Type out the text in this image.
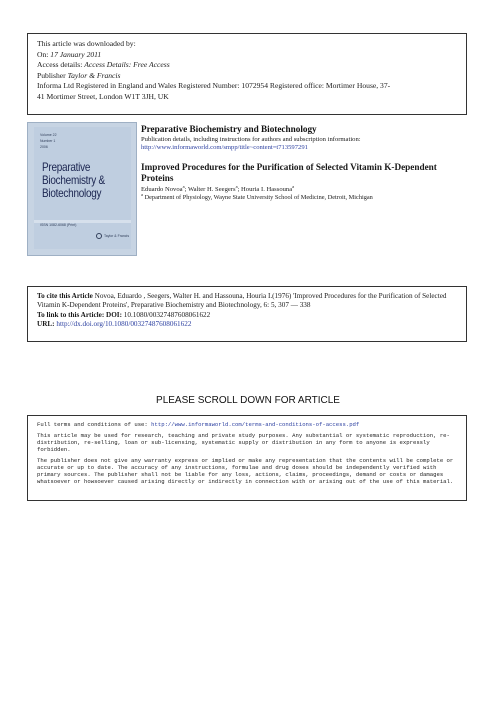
This article was downloaded by:
On: 17 January 2011
Access details: Access Details: Free Access
Publisher Taylor & Francis
Informa Ltd Registered in England and Wales Registered Number: 1072954 Registered office: Mortimer House, 37-
41 Mortimer Street, London W1T 3JH, UK
Volume 22
Number 1
2006
Preparative Biochemistry & Biotechnology
ISSN 1082-6068 (Print)
Taylor & Francis
Preparative Biochemistry and Biotechnology
Publication details, including instructions for authors and subscription information:
http://www.informaworld.com/smpp/title~content=t713597291
Improved Procedures for the Purification of Selected Vitamin K-Dependent Proteins
Eduardo Novoa$^a$; Walter H. Seegers$^a$; Houria I. Hassouna$^a$
$^a$ Department of Physiology, Wayne State University School of Medicine, Detroit, Michigan
To cite this Article Novoa, Eduardo , Seegers, Walter H. and Hassouna, Houria I.(1976) 'Improved Procedures for the Purification of Selected Vitamin K-Dependent Proteins', Preparative Biochemistry and Biotechnology, 6: 5, 307 — 338
To link to this Article: DOI: 10.1080/00327487608061622
URL: http://dx.doi.org/10.1080/00327487608061622
PLEASE SCROLL DOWN FOR ARTICLE

Full terms and conditions of use: http://www.informaworld.com/terms-and-conditions-of-access.pdf

This article may be used for research, teaching and private study purposes. Any substantial or systematic reproduction, re-distribution, re-selling, loan or sub-licensing, systematic supply or distribution in any form to anyone is expressly forbidden.

The publisher does not give any warranty express or implied or make any representation that the contents will be complete or accurate or up to date. The accuracy of any instructions, formulae and drug doses should be independently verified with primary sources. The publisher shall not be liable for any loss, actions, claims, proceedings, demand or costs or damages whatsoever or howsoever caused arising directly or indirectly in connection with or arising out of the use of this material.
